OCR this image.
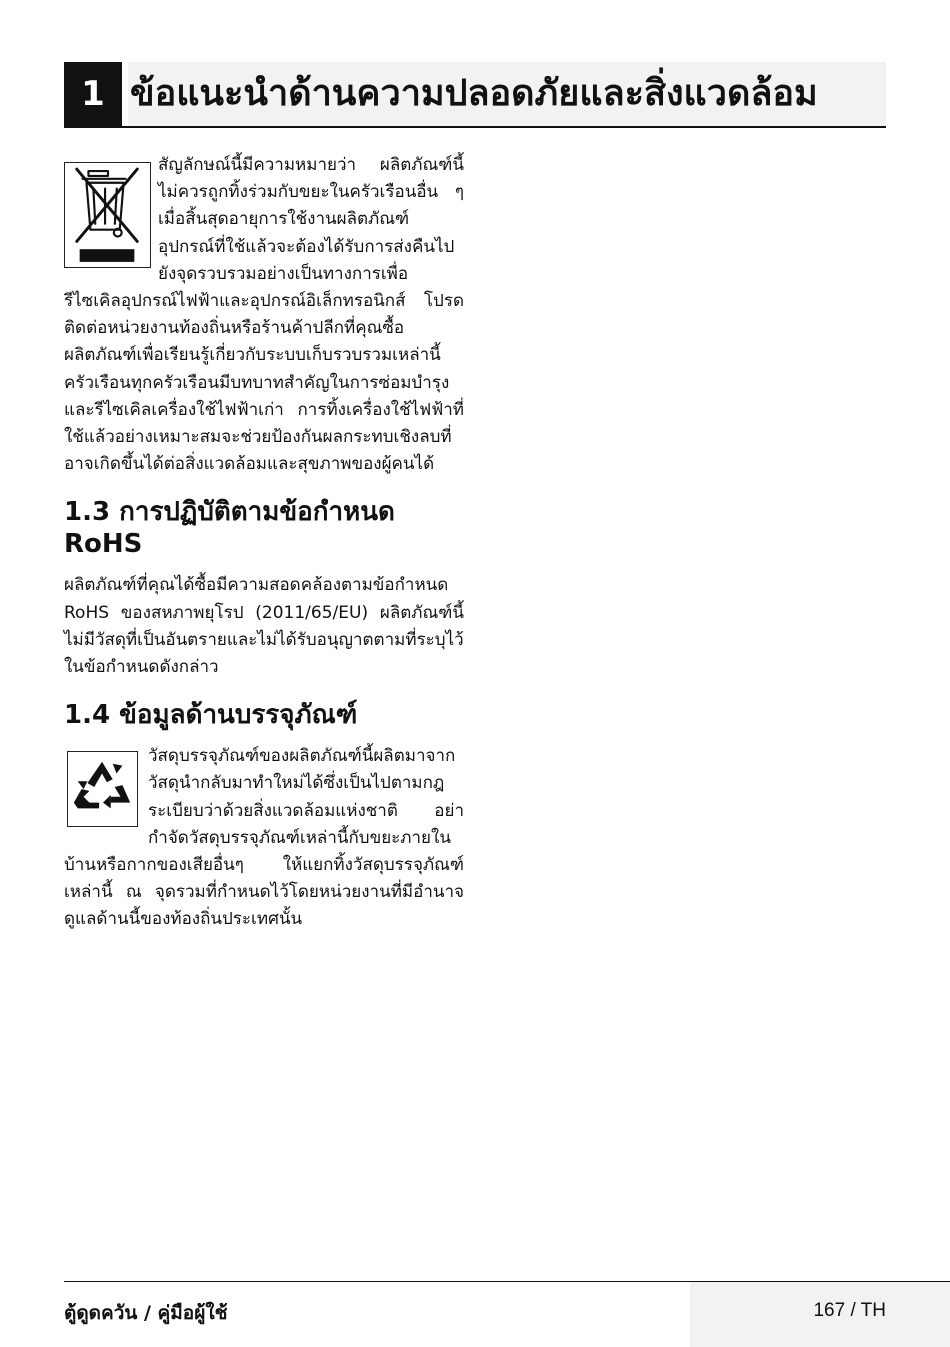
1 ข้อแนะนำด้านความปลอดภัยและสิ่งแวดล้อม

สัญลักษณ์นี้มีความหมายว่า ผลิตภัณฑ์นี้ไม่ควรถูกทิ้งร่วมกับขยะในครัวเรือนอื่น ๆ เมื่อสิ้นสุดอายุการใช้งานผลิตภัณฑ์ อุปกรณ์ที่ใช้แล้วจะต้องได้รับการส่งคืนไปยังจุดรวบรวมอย่างเป็นทางการเพื่อรีไซเคิลอุปกรณ์ไฟฟ้าและอุปกรณ์อิเล็กทรอนิกส์ โปรดติดต่อหน่วยงานท้องถิ่นหรือร้านค้าปลีกที่คุณซื้อผลิตภัณฑ์เพื่อเรียนรู้เกี่ยวกับระบบเก็บรวบรวมเหล่านี้ ครัวเรือนทุกครัวเรือนมีบทบาทสำคัญในการซ่อมบำรุงและรีไซเคิลเครื่องใช้ไฟฟ้าเก่า การทิ้งเครื่องใช้ไฟฟ้าที่ใช้แล้วอย่างเหมาะสมจะช่วยป้องกันผลกระทบเชิงลบที่อาจเกิดขึ้นได้ต่อสิ่งแวดล้อมและสุขภาพของผู้คนได้

1.3 การปฏิบัติตามข้อกำหนด RoHS

ผลิตภัณฑ์ที่คุณได้ซื้อมีความสอดคล้องตามข้อกำหนด RoHS ของสหภาพยุโรป (2011/65/EU) ผลิตภัณฑ์นี้ไม่มีวัสดุที่เป็นอันตรายและไม่ได้รับอนุญาตตามที่ระบุไว้ในข้อกำหนดดังกล่าว

1.4 ข้อมูลด้านบรรจุภัณฑ์

วัสดุบรรจุภัณฑ์ของผลิตภัณฑ์นี้ผลิตมาจากวัสดุนำกลับมาทำใหม่ได้ซึ่งเป็นไปตามกฎระเบียบว่าด้วยสิ่งแวดล้อมแห่งชาติ อย่ากำจัดวัสดุบรรจุภัณฑ์เหล่านี้กับขยะภายในบ้านหรือกากของเสียอื่นๆ ให้แยกทิ้งวัสดุบรรจุภัณฑ์เหล่านี้ ณ จุดรวมที่กำหนดไว้โดยหน่วยงานที่มีอำนาจดูแลด้านนี้ของท้องถิ่นประเทศนั้น

ตู้ดูดควัน / คู่มือผู้ใช้	167 / TH
